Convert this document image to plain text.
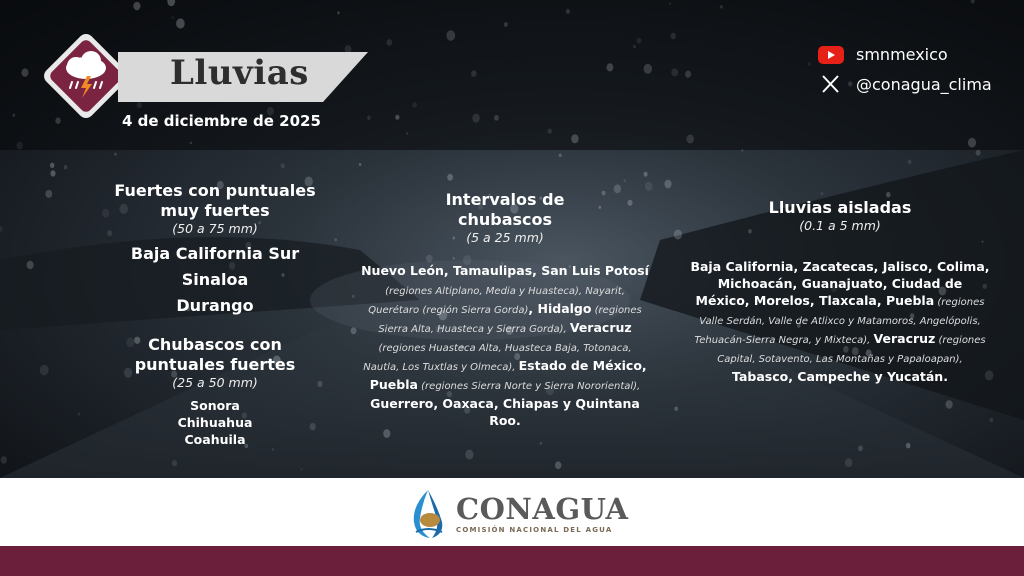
Lluvias
4 de diciembre de 2025
smnmexico
@conagua_clima
Fuertes con puntuales
muy fuertes
(50 a 75 mm)
Baja California Sur
Sinaloa
Durango
Chubascos con
puntuales fuertes
(25 a 50 mm)
Sonora
Chihuahua
Coahuila
Intervalos de
chubascos
(5 a 25 mm)
Nuevo León, Tamaulipas, San Luis Potosí (regiones Altiplano, Media y Huasteca), Nayarit, Querétaro (región Sierra Gorda), Hidalgo (regiones Sierra Alta, Huasteca y Sierra Gorda), Veracruz (regiones Huasteca Alta, Huasteca Baja, Totonaca, Nautla, Los Tuxtlas y Olmeca), Estado de México, Puebla (regiones Sierra Norte y Sierra Nororiental), Guerrero, Oaxaca, Chiapas y Quintana Roo.
Lluvias aisladas
(0.1 a 5 mm)
Baja California, Zacatecas, Jalisco, Colima, Michoacán, Guanajuato, Ciudad de México, Morelos, Tlaxcala, Puebla (regiones Valle Serdán, Valle de Atlixco y Matamoros, Angelópolis, Tehuacán-Sierra Negra, y Mixteca), Veracruz (regiones Capital, Sotavento, Las Montañas y Papaloapan), Tabasco, Campeche y Yucatán.
CONAGUA
COMISIÓN NACIONAL DEL AGUA
